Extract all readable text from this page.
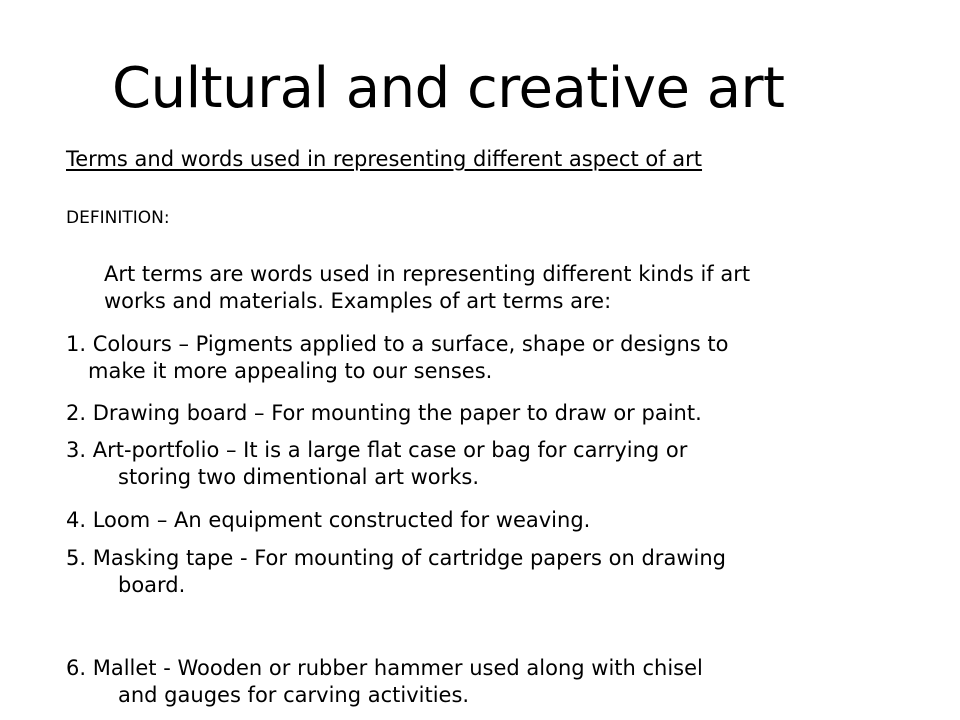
Cultural and creative art
Terms and words used in representing different aspect of art
DEFINITION:
Art terms are words used in representing different kinds if art
works and materials. Examples of art terms are:
1. Colours – Pigments applied to a surface, shape or designs to
make it more appealing to our senses.
2. Drawing board – For mounting the paper to draw or paint.
3. Art-portfolio – It is a large flat case or bag for carrying or
storing two dimentional art works.
4. Loom – An equipment constructed for weaving.
5. Masking tape - For mounting of cartridge papers on drawing
board.
6. Mallet - Wooden or rubber hammer used along with chisel
and gauges for carving activities.
